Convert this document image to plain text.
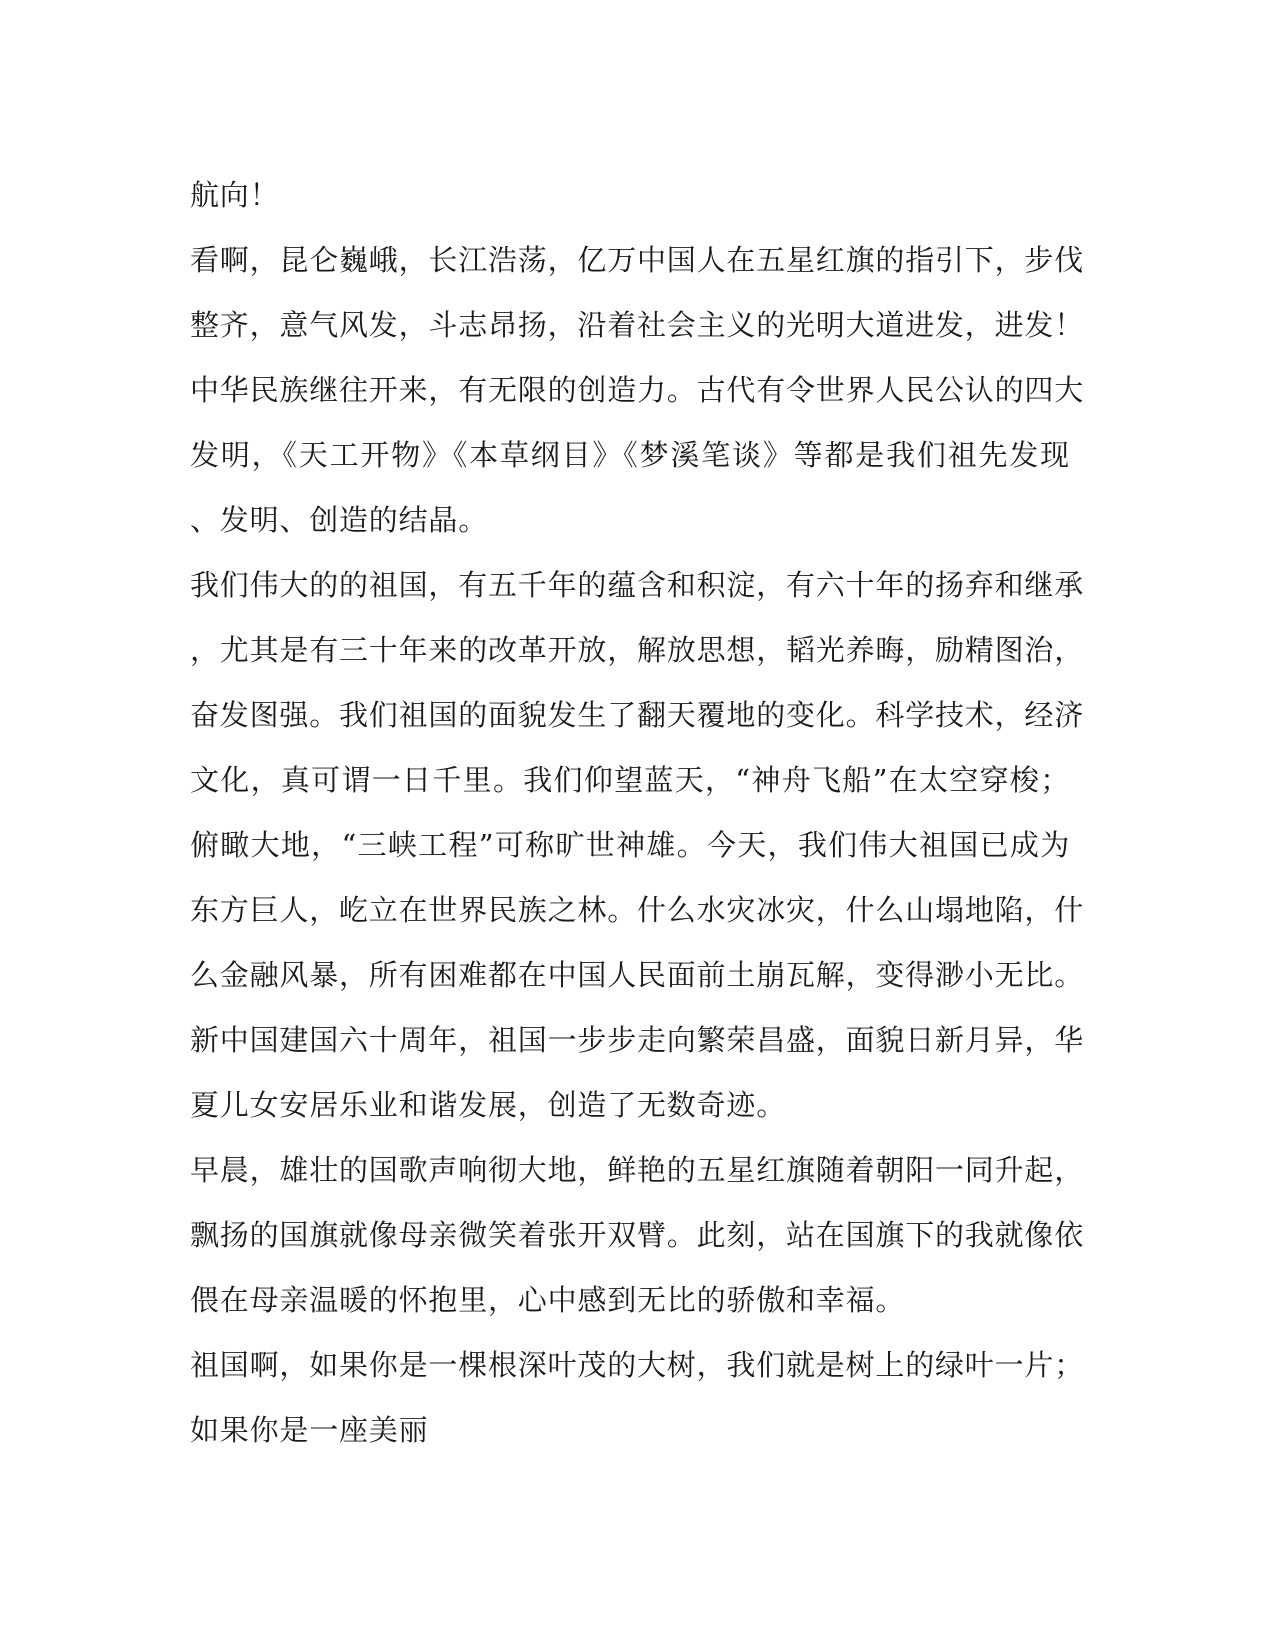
航向！
看啊，昆仑巍峨，长江浩荡，亿万中国人在五星红旗的指引下，步伐
整齐，意气风发，斗志昂扬，沿着社会主义的光明大道进发，进发！
中华民族继往开来，有无限的创造力。古代有令世界人民公认的四大
发明，《天工开物》《本草纲目》《梦溪笔谈》等都是我们祖先发现
、发明、创造的结晶。
我们伟大的的祖国，有五千年的蕴含和积淀，有六十年的扬弃和继承
，尤其是有三十年来的改革开放，解放思想，韬光养晦，励精图治，
奋发图强。我们祖国的面貌发生了翻天覆地的变化。科学技术，经济
文化，真可谓一日千里。我们仰望蓝天，“神舟飞船”在太空穿梭；
俯瞰大地，“三峡工程”可称旷世神雄。今天，我们伟大祖国已成为
东方巨人，屹立在世界民族之林。什么水灾冰灾，什么山塌地陷，什
么金融风暴，所有困难都在中国人民面前土崩瓦解，变得渺小无比。
新中国建国六十周年，祖国一步步走向繁荣昌盛，面貌日新月异，华
夏儿女安居乐业和谐发展，创造了无数奇迹。
早晨，雄壮的国歌声响彻大地，鲜艳的五星红旗随着朝阳一同升起，
飘扬的国旗就像母亲微笑着张开双臂。此刻，站在国旗下的我就像依
偎在母亲温暖的怀抱里，心中感到无比的骄傲和幸福。
祖国啊，如果你是一棵根深叶茂的大树，我们就是树上的绿叶一片；
如果你是一座美丽
